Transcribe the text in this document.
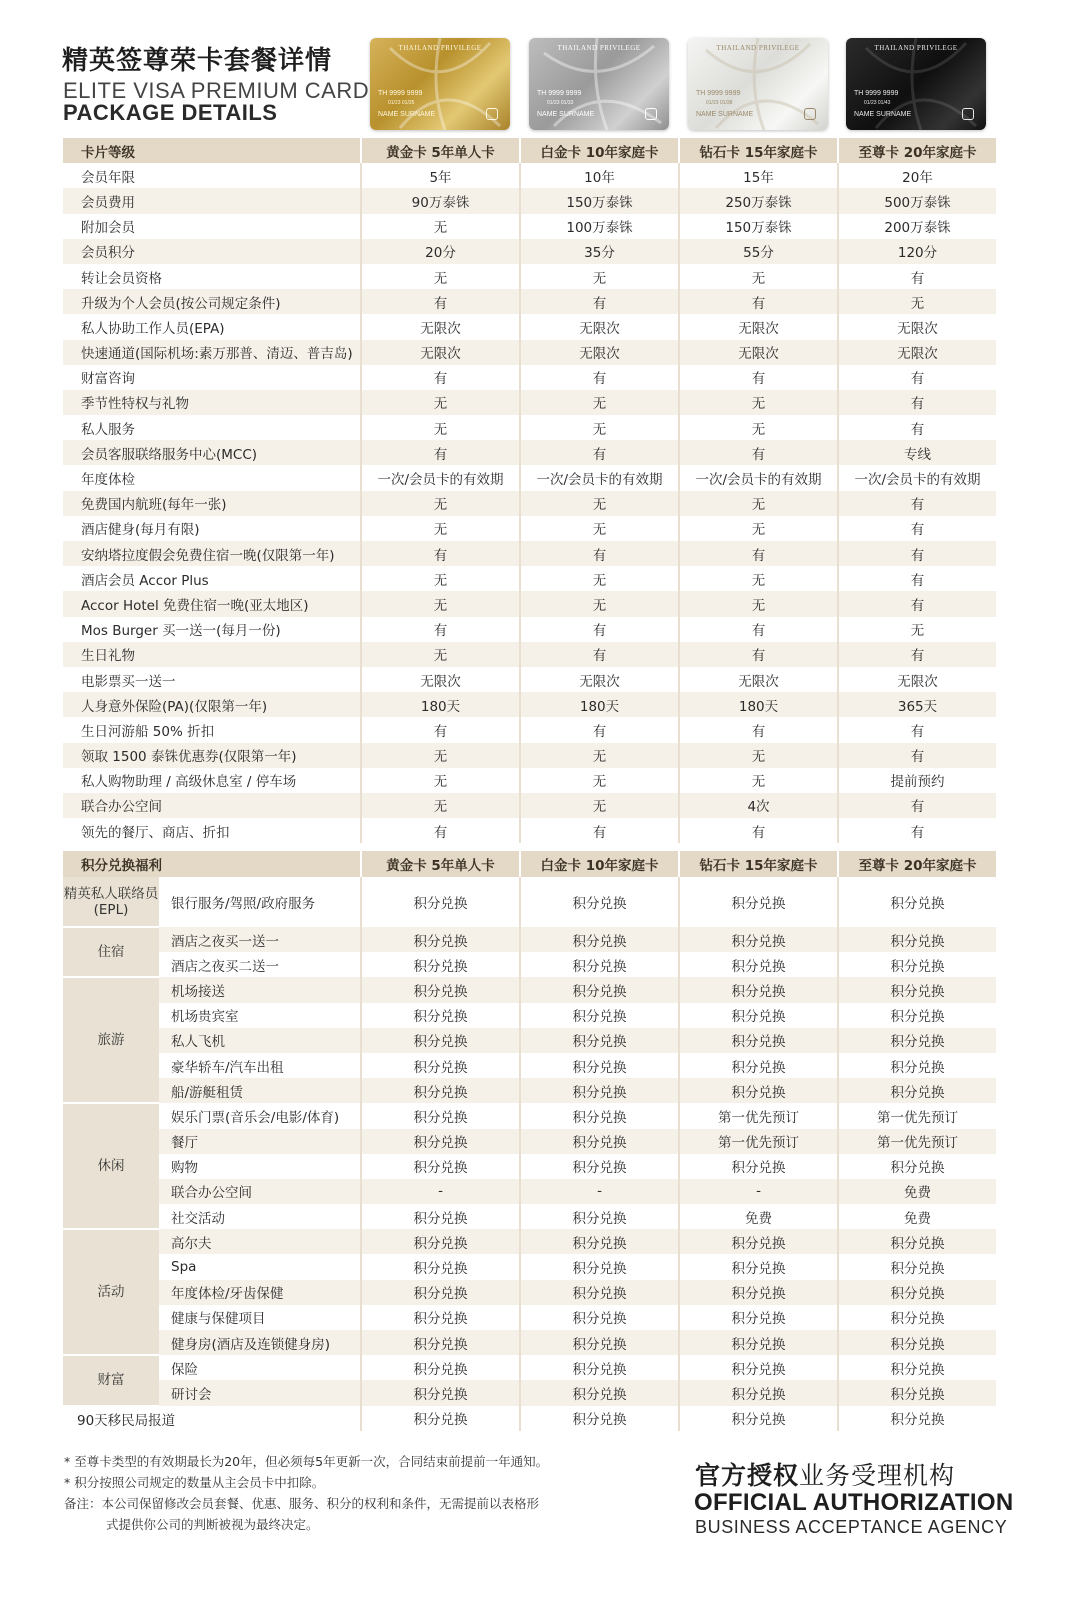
精英签尊荣卡套餐详情
ELITE VISA PREMIUM CARD
PACKAGE DETAILS
THAILAND PRIVILEGE
TH 9999 9999
01/23 01/25
NAME SURNAME
THAILAND PRIVILEGE
TH 9999 9999
01/23 01/33
NAME SURNAME
THAILAND PRIVILEGE
TH 9999 9999
01/23 01/38
NAME SURNAME
THAILAND PRIVILEGE
TH 9999 9999
01/23 01/43
NAME SURNAME
卡片等级	黄金卡 5年单人卡	白金卡 10年家庭卡	钻石卡 15年家庭卡	至尊卡 20年家庭卡
会员年限	5年	10年	15年	20年
会员费用	90万泰铢	150万泰铢	250万泰铢	500万泰铢
附加会员	无	100万泰铢	150万泰铢	200万泰铢
会员积分	20分	35分	55分	120分
转让会员资格	无	无	无	有
升级为个人会员(按公司规定条件)	有	有	有	无
私人协助工作人员(EPA)	无限次	无限次	无限次	无限次
快速通道(国际机场:素万那普、清迈、普吉岛)	无限次	无限次	无限次	无限次
财富咨询	有	有	有	有
季节性特权与礼物	无	无	无	有
私人服务	无	无	无	有
会员客服联络服务中心(MCC)	有	有	有	专线
年度体检	一次/会员卡的有效期	一次/会员卡的有效期	一次/会员卡的有效期	一次/会员卡的有效期
免费国内航班(每年一张)	无	无	无	有
酒店健身(每月有限)	无	无	无	有
安纳塔拉度假会免费住宿一晚(仅限第一年)	有	有	有	有
酒店会员 Accor Plus	无	无	无	有
Accor Hotel 免费住宿一晚(亚太地区)	无	无	无	有
Mos Burger 买一送一(每月一份)	有	有	有	无
生日礼物	无	有	有	有
电影票买一送一	无限次	无限次	无限次	无限次
人身意外保险(PA)(仅限第一年)	180天	180天	180天	365天
生日河游船 50% 折扣	有	有	有	有
领取 1500 泰铢优惠券(仅限第一年)	无	无	无	有
私人购物助理 / 高级休息室 / 停车场	无	无	无	提前预约
联合办公空间	无	无	4次	有
领先的餐厅、商店、折扣	有	有	有	有
积分兑换福利		黄金卡 5年单人卡	白金卡 10年家庭卡	钻石卡 15年家庭卡	至尊卡 20年家庭卡
精英私人联络员(EPL)	银行服务/驾照/政府服务	积分兑换	积分兑换	积分兑换	积分兑换
住宿	酒店之夜买一送一	积分兑换	积分兑换	积分兑换	积分兑换
	酒店之夜买二送一	积分兑换	积分兑换	积分兑换	积分兑换
旅游	机场接送	积分兑换	积分兑换	积分兑换	积分兑换
	机场贵宾室	积分兑换	积分兑换	积分兑换	积分兑换
	私人飞机	积分兑换	积分兑换	积分兑换	积分兑换
	豪华轿车/汽车出租	积分兑换	积分兑换	积分兑换	积分兑换
	船/游艇租赁	积分兑换	积分兑换	积分兑换	积分兑换
休闲	娱乐门票(音乐会/电影/体育)	积分兑换	积分兑换	第一优先预订	第一优先预订
	餐厅	积分兑换	积分兑换	第一优先预订	第一优先预订
	购物	积分兑换	积分兑换	积分兑换	积分兑换
	联合办公空间	-	-	-	免费
	社交活动	积分兑换	积分兑换	免费	免费
活动	高尔夫	积分兑换	积分兑换	积分兑换	积分兑换
	Spa	积分兑换	积分兑换	积分兑换	积分兑换
	年度体检/牙齿保健	积分兑换	积分兑换	积分兑换	积分兑换
	健康与保健项目	积分兑换	积分兑换	积分兑换	积分兑换
	健身房(酒店及连锁健身房)	积分兑换	积分兑换	积分兑换	积分兑换
财富	保险	积分兑换	积分兑换	积分兑换	积分兑换
	研讨会	积分兑换	积分兑换	积分兑换	积分兑换
90天移民局报道		积分兑换	积分兑换	积分兑换	积分兑换
* 至尊卡类型的有效期最长为20年，但必须每5年更新一次，合同结束前提前一年通知。
* 积分按照公司规定的数量从主会员卡中扣除。
备注：本公司保留修改会员套餐、优惠、服务、积分的权利和条件，无需提前以表格形
式提供你公司的判断被视为最终决定。
官方授权业务受理机构
OFFICIAL AUTHORIZATION
BUSINESS ACCEPTANCE AGENCY
